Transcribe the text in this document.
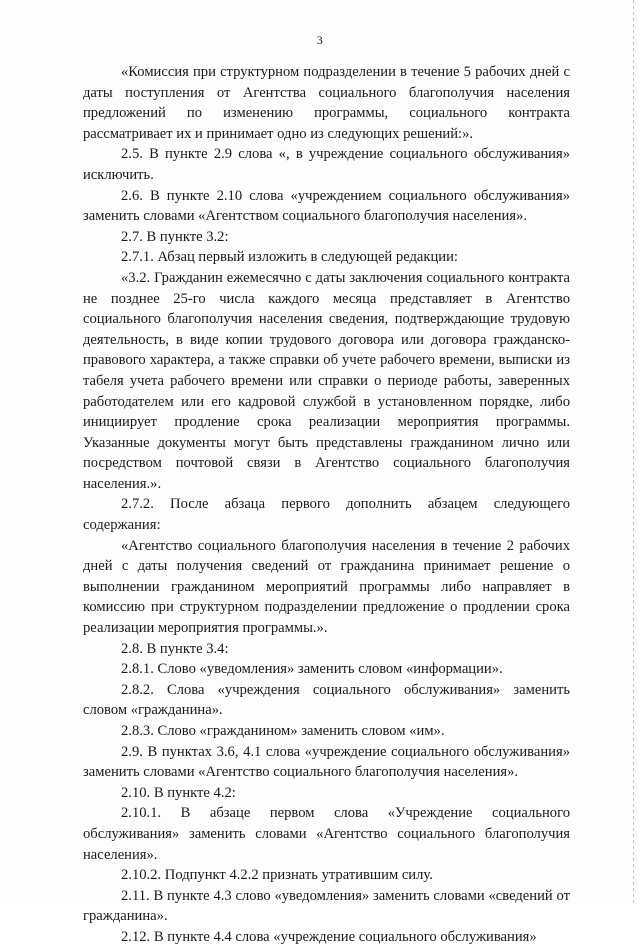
3

«Комиссия при структурном подразделении в течение 5 рабочих дней с даты поступления от Агентства социального благополучия населения предложений по изменению программы, социального контракта рассматривает их и принимает одно из следующих решений:».

2.5. В пункте 2.9 слова «, в учреждение социального обслуживания» исключить.

2.6. В пункте 2.10 слова «учреждением социального обслуживания» заменить словами «Агентством социального благополучия населения».

2.7. В пункте 3.2:

2.7.1. Абзац первый изложить в следующей редакции:

«3.2. Гражданин ежемесячно с даты заключения социального контракта не позднее 25-го числа каждого месяца представляет в Агентство социального благополучия населения сведения, подтверждающие трудовую деятельность, в виде копии трудового договора или договора гражданско-правового характера, а также справки об учете рабочего времени, выписки из табеля учета рабочего времени или справки о периоде работы, заверенных работодателем или его кадровой службой в установленном порядке, либо инициирует продление срока реализации мероприятия программы. Указанные документы могут быть представлены гражданином лично или посредством почтовой связи в Агентство социального благополучия населения.».

2.7.2. После абзаца первого дополнить абзацем следующего содержания:

«Агентство социального благополучия населения в течение 2 рабочих дней с даты получения сведений от гражданина принимает решение о выполнении гражданином мероприятий программы либо направляет в комиссию при структурном подразделении предложение о продлении срока реализации мероприятия программы.».

2.8. В пункте 3.4:

2.8.1. Слово «уведомления» заменить словом «информации».

2.8.2. Слова «учреждения социального обслуживания» заменить словом «гражданина».

2.8.3. Слово «гражданином» заменить словом «им».

2.9. В пунктах 3.6, 4.1 слова «учреждение социального обслуживания» заменить словами «Агентство социального благополучия населения».

2.10. В пункте 4.2:

2.10.1. В абзаце первом слова «Учреждение социального обслуживания» заменить словами «Агентство социального благополучия населения».

2.10.2. Подпункт 4.2.2 признать утратившим силу.

2.11. В пункте 4.3 слово «уведомления» заменить словами «сведений от гражданина».

2.12. В пункте 4.4 слова «учреждение социального обслуживания»
